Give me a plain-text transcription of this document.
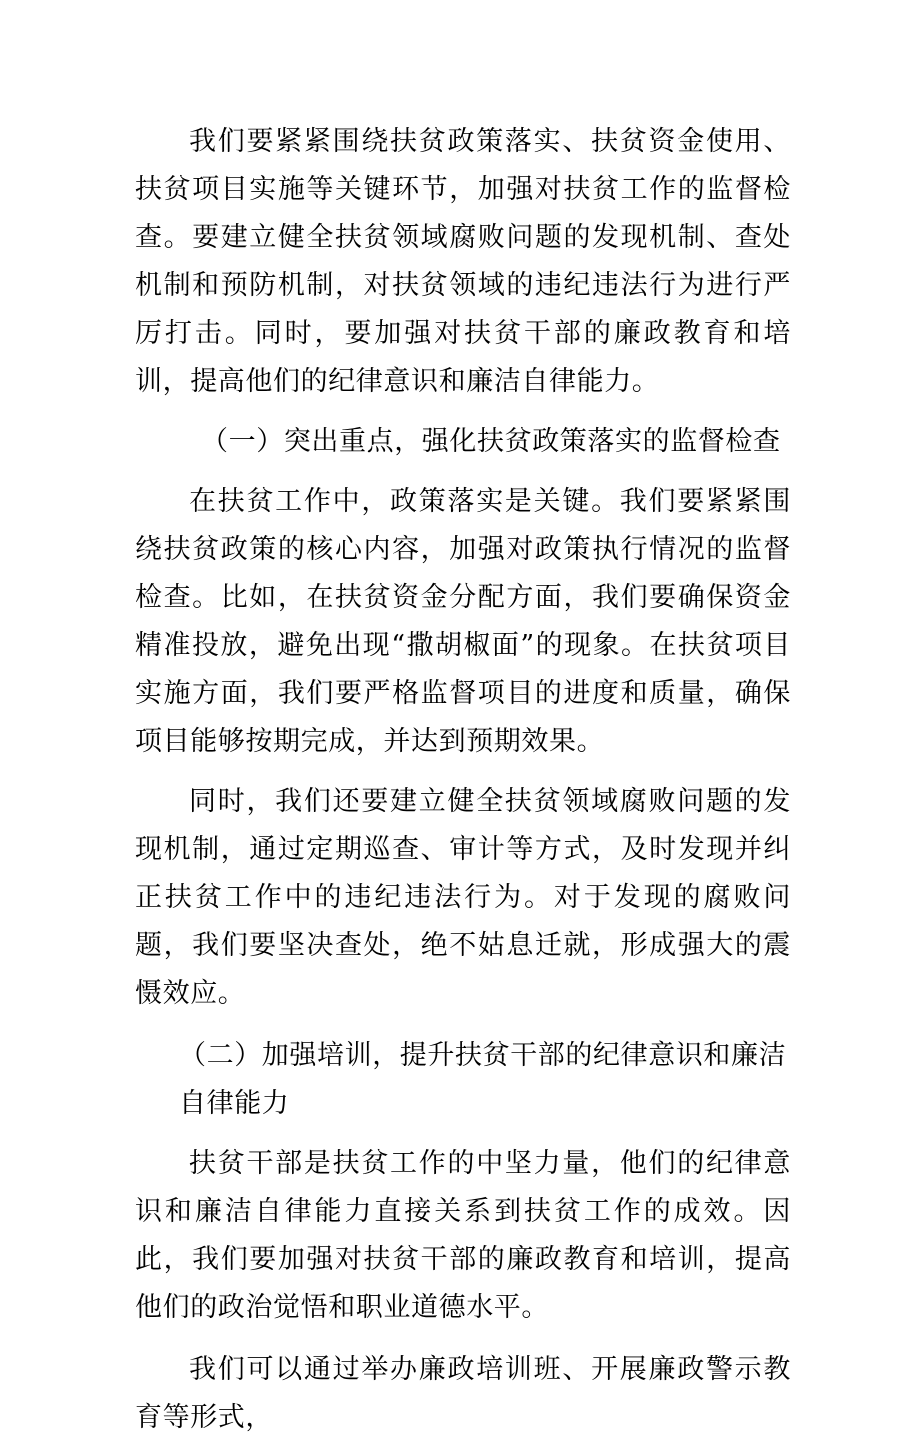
我们要紧紧围绕扶贫政策落实、扶贫资金使用、扶贫项目实施等关键环节，加强对扶贫工作的监督检查。要建立健全扶贫领域腐败问题的发现机制、查处机制和预防机制，对扶贫领域的违纪违法行为进行严厉打击。同时，要加强对扶贫干部的廉政教育和培训，提高他们的纪律意识和廉洁自律能力。

（一）突出重点，强化扶贫政策落实的监督检查

在扶贫工作中，政策落实是关键。我们要紧紧围绕扶贫政策的核心内容，加强对政策执行情况的监督检查。比如，在扶贫资金分配方面，我们要确保资金精准投放，避免出现“撒胡椒面”的现象。在扶贫项目实施方面，我们要严格监督项目的进度和质量，确保项目能够按期完成，并达到预期效果。

同时，我们还要建立健全扶贫领域腐败问题的发现机制，通过定期巡查、审计等方式，及时发现并纠正扶贫工作中的违纪违法行为。对于发现的腐败问题，我们要坚决查处，绝不姑息迁就，形成强大的震慑效应。

（二）加强培训，提升扶贫干部的纪律意识和廉洁自律能力

扶贫干部是扶贫工作的中坚力量，他们的纪律意识和廉洁自律能力直接关系到扶贫工作的成效。因此，我们要加强对扶贫干部的廉政教育和培训，提高他们的政治觉悟和职业道德水平。

我们可以通过举办廉政培训班、开展廉政警示教育等形式，
